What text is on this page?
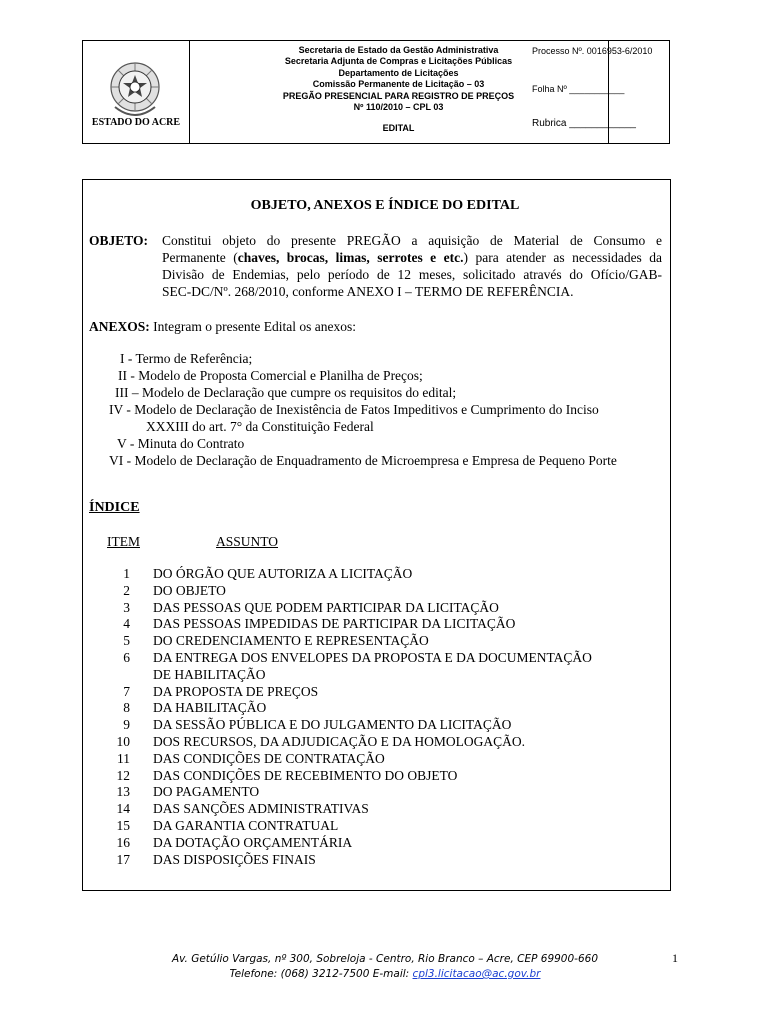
ESTADO DO ACRE
Secretaria de Estado da Gestão Administrativa
Secretaria Adjunta de Compras e Licitações Públicas
Departamento de Licitações
Comissão Permanente de Licitação – 03
PREGÃO PRESENCIAL PARA REGISTRO DE PREÇOS
Nº 110/2010 – CPL 03
EDITAL
Processo Nº. 0016953-6/2010
Folha Nº ___________
Rubrica ____________
OBJETO, ANEXOS E ÍNDICE DO EDITAL
OBJETO: Constitui objeto do presente PREGÃO a aquisição de Material de Consumo e
Permanente (chaves, brocas, limas, serrotes e etc.) para atender as necessidades da
Divisão de Endemias, pelo período de 12 meses, solicitado através do Ofício/GAB-
SEC-DC/Nº. 268/2010, conforme ANEXO I – TERMO DE REFERÊNCIA.
ANEXOS: Integram o presente Edital os anexos:
I - Termo de Referência;
II - Modelo de Proposta Comercial e Planilha de Preços;
III – Modelo de Declaração que cumpre os requisitos do edital;
IV - Modelo de Declaração de Inexistência de Fatos Impeditivos e Cumprimento do Inciso
XXXIII do art. 7° da Constituição Federal
V - Minuta do Contrato
VI - Modelo de Declaração de Enquadramento de Microempresa e Empresa de Pequeno Porte
ÍNDICE
ITEM	ASSUNTO
1 DO ÓRGÃO QUE AUTORIZA A LICITAÇÃO
2 DO OBJETO
3 DAS PESSOAS QUE PODEM PARTICIPAR DA LICITAÇÃO
4 DAS PESSOAS IMPEDIDAS DE PARTICIPAR DA LICITAÇÃO
5 DO CREDENCIAMENTO E REPRESENTAÇÃO
6 DA ENTREGA DOS ENVELOPES DA PROPOSTA E DA DOCUMENTAÇÃO
DE HABILITAÇÃO
7 DA PROPOSTA DE PREÇOS
8 DA HABILITAÇÃO
9 DA SESSÃO PÚBLICA E DO JULGAMENTO DA LICITAÇÃO
10 DOS RECURSOS, DA ADJUDICAÇÃO E DA HOMOLOGAÇÃO.
11 DAS CONDIÇÕES DE CONTRATAÇÃO
12 DAS CONDIÇÕES DE RECEBIMENTO DO OBJETO
13 DO PAGAMENTO
14 DAS SANÇÕES ADMINISTRATIVAS
15 DA GARANTIA CONTRATUAL
16 DA DOTAÇÃO ORÇAMENTÁRIA
17 DAS DISPOSIÇÕES FINAIS
Av. Getúlio Vargas, nº 300, Sobreloja - Centro, Rio Branco – Acre, CEP 69900-660
Telefone: (068) 3212-7500 E-mail: cpl3.licitacao@ac.gov.br
1
